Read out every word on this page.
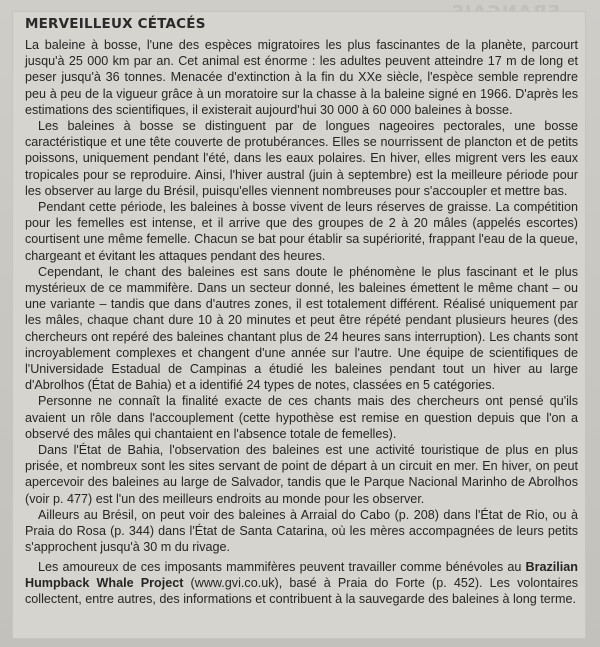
MERVEILLEUX CÉTACÉS

La baleine à bosse, l'une des espèces migratoires les plus fascinantes de la planète, parcourt jusqu'à 25 000 km par an. Cet animal est énorme : les adultes peuvent atteindre 17 m de long et peser jusqu'à 36 tonnes. Menacée d'extinction à la fin du XXe siècle, l'espèce semble reprendre peu à peu de la vigueur grâce à un moratoire sur la chasse à la baleine signé en 1966. D'après les estimations des scientifiques, il existerait aujourd'hui 30 000 à 60 000 baleines à bosse.

Les baleines à bosse se distinguent par de longues nageoires pectorales, une bosse caractéristique et une tête couverte de protubérances. Elles se nourrissent de plancton et de petits poissons, uniquement pendant l'été, dans les eaux polaires. En hiver, elles migrent vers les eaux tropicales pour se reproduire. Ainsi, l'hiver austral (juin à septembre) est la meilleure période pour les observer au large du Brésil, puisqu'elles viennent nombreuses pour s'accoupler et mettre bas.

Pendant cette période, les baleines à bosse vivent de leurs réserves de graisse. La compétition pour les femelles est intense, et il arrive que des groupes de 2 à 20 mâles (appelés escortes) courtisent une même femelle. Chacun se bat pour établir sa supériorité, frappant l'eau de la queue, chargeant et évitant les attaques pendant des heures.

Cependant, le chant des baleines est sans doute le phénomène le plus fascinant et le plus mystérieux de ce mammifère. Dans un secteur donné, les baleines émettent le même chant – ou une variante – tandis que dans d'autres zones, il est totalement différent. Réalisé uniquement par les mâles, chaque chant dure 10 à 20 minutes et peut être répété pendant plusieurs heures (des chercheurs ont repéré des baleines chantant plus de 24 heures sans interruption). Les chants sont incroyablement complexes et changent d'une année sur l'autre. Une équipe de scientifiques de l'Universidade Estadual de Campinas a étudié les baleines pendant tout un hiver au large d'Abrolhos (État de Bahia) et a identifié 24 types de notes, classées en 5 catégories.

Personne ne connaît la finalité exacte de ces chants mais des chercheurs ont pensé qu'ils avaient un rôle dans l'accouplement (cette hypothèse est remise en question depuis que l'on a observé des mâles qui chantaient en l'absence totale de femelles).

Dans l'État de Bahia, l'observation des baleines est une activité touristique de plus en plus prisée, et nombreux sont les sites servant de point de départ à un circuit en mer. En hiver, on peut apercevoir des baleines au large de Salvador, tandis que le Parque Nacional Marinho de Abrolhos (voir p. 477) est l'un des meilleurs endroits au monde pour les observer.

Ailleurs au Brésil, on peut voir des baleines à Arraial do Cabo (p. 208) dans l'État de Rio, ou à Praia do Rosa (p. 344) dans l'État de Santa Catarina, où les mères accompagnées de leurs petits s'approchent jusqu'à 30 m du rivage.

Les amoureux de ces imposants mammifères peuvent travailler comme bénévoles au Brazilian Humpback Whale Project (www.gvi.co.uk), basé à Praia do Forte (p. 452). Les volontaires collectent, entre autres, des informations et contribuent à la sauvegarde des baleines à long terme.
